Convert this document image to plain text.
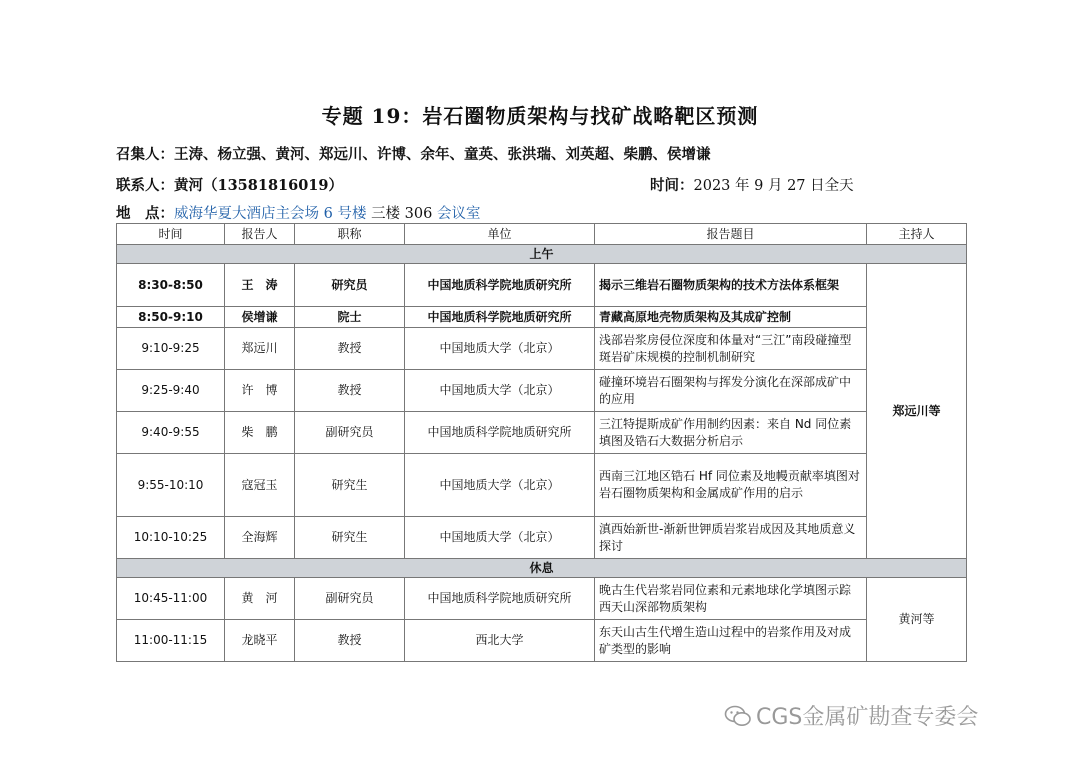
专题 19：岩石圈物质架构与找矿战略靶区预测
召集人：王涛、杨立强、黄河、郑远川、许博、余年、童英、张洪瑞、刘英超、柴鹏、侯增谦
联系人：黄河（13581816019）	时间：2023 年 9 月 27 日全天
地　点：威海华夏大酒店主会场 6 号楼 三楼 306 会议室
时间	报告人	职称	单位	报告题目	主持人
上午					
8:30-8:50	王　涛	研究员	中国地质科学院地质研究所	揭示三维岩石圈物质架构的技术方法体系框架	郑远川等
8:50-9:10	侯增谦	院士	中国地质科学院地质研究所	青藏高原地壳物质架构及其成矿控制	
9:10-9:25	郑远川	教授	中国地质大学（北京）	浅部岩浆房侵位深度和体量对“三江”南段碰撞型斑岩矿床规模的控制机制研究	
9:25-9:40	许　博	教授	中国地质大学（北京）	碰撞环境岩石圈架构与挥发分演化在深部成矿中的应用	
9:40-9:55	柴　鹏	副研究员	中国地质科学院地质研究所	三江特提斯成矿作用制约因素：来自 Nd 同位素填图及锆石大数据分析启示	
9:55-10:10	寇冠玉	研究生	中国地质大学（北京）	西南三江地区锆石 Hf 同位素及地幔贡献率填图对岩石圈物质架构和金属成矿作用的启示	
10:10-10:25	全海辉	研究生	中国地质大学（北京）	滇西始新世-渐新世钾质岩浆岩成因及其地质意义探讨	
休息					
10:45-11:00	黄　河	副研究员	中国地质科学院地质研究所	晚古生代岩浆岩同位素和元素地球化学填图示踪西天山深部物质架构	黄河等
11:00-11:15	龙晓平	教授	西北大学	东天山古生代增生造山过程中的岩浆作用及对成矿类型的影响	
CGS金属矿勘查专委会
